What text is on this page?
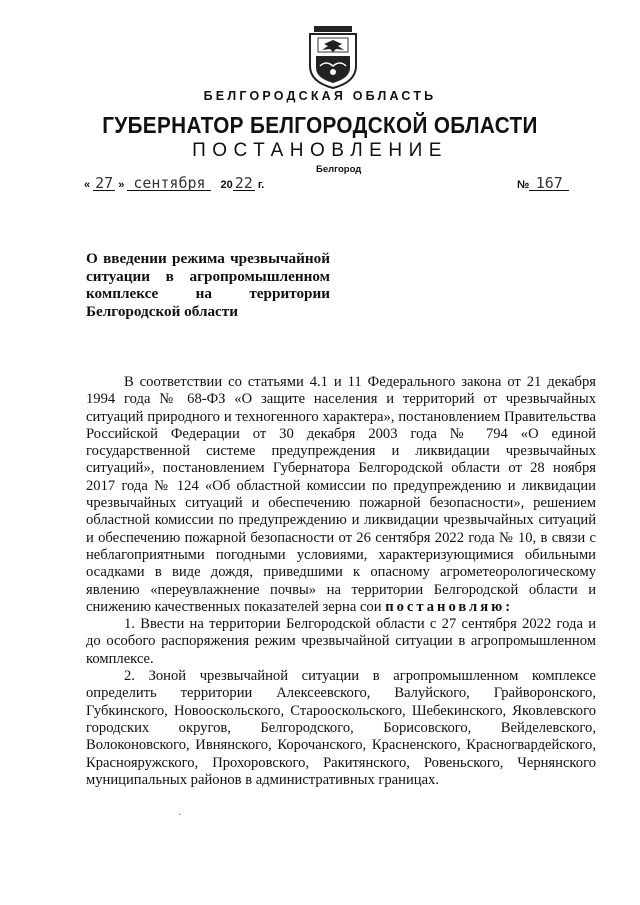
БЕЛГОРОДСКАЯ ОБЛАСТЬ
ГУБЕРНАТОР БЕЛГОРОДСКОЙ ОБЛАСТИ
ПОСТАНОВЛЕНИЕ
Белгород
« 27 » сентября 20 22 г.	№ 167
О введении режима чрезвычайной ситуации в агропромышленном комплексе на территории Белгородской области

В соответствии со статьями 4.1 и 11 Федерального закона от 21 декабря 1994 года № 68-ФЗ «О защите населения и территорий от чрезвычайных ситуаций природного и техногенного характера», постановлением Правительства Российской Федерации от 30 декабря 2003 года № 794 «О единой государственной системе предупреждения и ликвидации чрезвычайных ситуаций», постановлением Губернатора Белгородской области от 28 ноября 2017 года № 124 «Об областной комиссии по предупреждению и ликвидации чрезвычайных ситуаций и обеспечению пожарной безопасности», решением областной комиссии по предупреждению и ликвидации чрезвычайных ситуаций и обеспечению пожарной безопасности от 26 сентября 2022 года № 10, в связи с неблагоприятными погодными условиями, характеризующимися обильными осадками в виде дождя, приведшими к опасному агрометеорологическому явлению «переувлажнение почвы» на территории Белгородской области и снижению качественных показателей зерна сои постановляю:

1. Ввести на территории Белгородской области с 27 сентября 2022 года и до особого распоряжения режим чрезвычайной ситуации в агропромышленном комплексе.

2. Зоной чрезвычайной ситуации в агропромышленном комплексе определить территории Алексеевского, Валуйского, Грайворонского, Губкинского, Новооскольского, Старооскольского, Шебекинского, Яковлевского городских округов, Белгородского, Борисовского, Вейделевского, Волоконовского, Ивнянского, Корочанского, Красненского, Красногвардейского, Краснояружского, Прохоровского, Ракитянского, Ровеньского, Чернянского муниципальных районов в административных границах.

·
